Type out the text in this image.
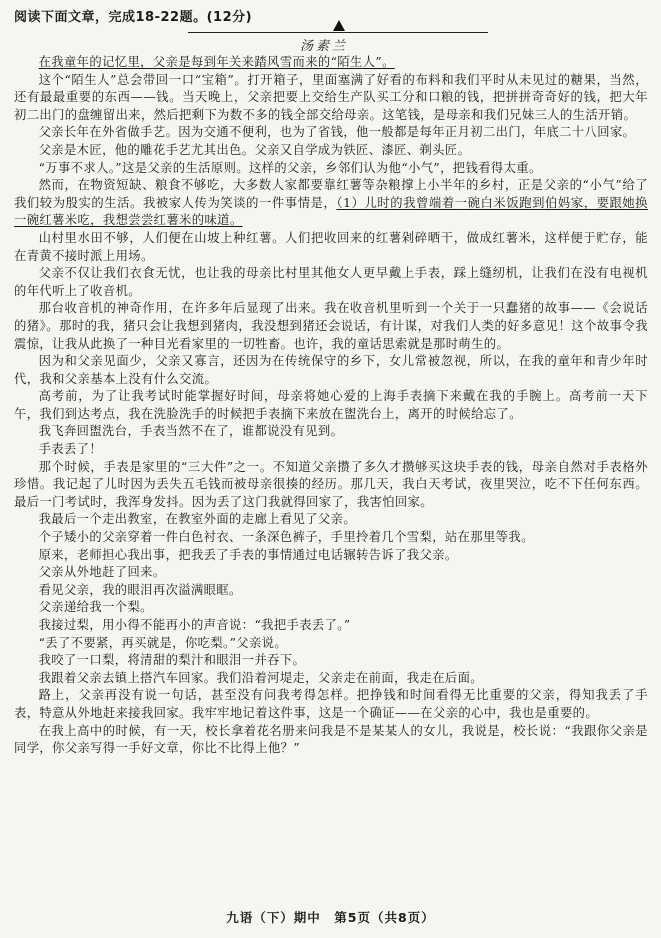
阅读下面文章，完成18-22题。(12分)
汤素兰

在我童年的记忆里，父亲是每到年关来踏风雪而来的“陌生人”。

这个“陌生人”总会带回一口“宝箱”。打开箱子，里面塞满了好看的布料和我们平时从未见过的糖果，当然，还有最最重要的东西——钱。当天晚上，父亲把要上交给生产队买工分和口粮的钱，把拼拼奇奇好的钱，把大年初二出门的盘缠留出来，然后把剩下为数不多的钱全部交给母亲。这笔钱，是母亲和我们兄妹三人的生活开销。

父亲长年在外省做手艺。因为交通不便利，也为了省钱，他一般都是每年正月初二出门，年底二十八回家。

父亲是木匠，他的雕花手艺尤其出色。父亲又自学成为铁匠、漆匠、剃头匠。

“万事不求人。”这是父亲的生活原则。这样的父亲，乡邻们认为他“小气”，把钱看得太重。

然而，在物资短缺、粮食不够吃，大多数人家都要靠红薯等杂粮撑上小半年的乡村，正是父亲的“小气”给了我们较为殷实的生活。我被家人传为笑谈的一件事情是，（1）儿时的我曾端着一碗白米饭跑到伯妈家，要跟她换一碗红薯米吃，我想尝尝红薯米的味道。

山村里水田不够，人们便在山坡上种红薯。人们把收回来的红薯剁碎晒干，做成红薯米，这样便于贮存，能在青黄不接时派上用场。

父亲不仅让我们衣食无忧，也让我的母亲比村里其他女人更早戴上手表，踩上缝纫机，让我们在没有电视机的年代听上了收音机。

那台收音机的神奇作用，在许多年后显现了出来。我在收音机里听到一个关于一只蠢猪的故事——《会说话的猪》。那时的我，猪只会让我想到猪肉，我没想到猪还会说话，有计谋，对我们人类的好多意见！这个故事令我震惊，让我从此换了一种目光看家里的一切牲畜。也许，我的童话思索就是那时萌生的。

因为和父亲见面少，父亲又寡言，还因为在传统保守的乡下，女儿常被忽视，所以，在我的童年和青少年时代，我和父亲基本上没有什么交流。

高考前，为了让我考试时能掌握好时间，母亲将她心爱的上海手表摘下来戴在我的手腕上。高考前一天下午，我们到达考点，我在洗脸洗手的时候把手表摘下来放在盥洗台上，离开的时候给忘了。

我飞奔回盥洗台，手表当然不在了，谁都说没有见到。

手表丢了！

那个时候，手表是家里的“三大件”之一。不知道父亲攒了多久才攒够买这块手表的钱，母亲自然对手表格外珍惜。我记起了儿时因为丢失五毛钱而被母亲很揍的经历。那几天，我白天考试，夜里哭泣，吃不下任何东西。最后一门考试时，我浑身发抖。因为丢了这门我就得回家了，我害怕回家。

我最后一个走出教室，在教室外面的走廊上看见了父亲。

个子矮小的父亲穿着一件白色衬衣、一条深色裤子，手里拎着几个雪梨，站在那里等我。

原来，老师担心我出事，把我丢了手表的事情通过电话辗转告诉了我父亲。

父亲从外地赶了回来。

看见父亲，我的眼泪再次溢满眼眶。

父亲递给我一个梨。

我接过梨，用小得不能再小的声音说：“我把手表丢了。”

“丢了不要紧，再买就是，你吃梨。”父亲说。

我咬了一口梨，将清甜的梨汁和眼泪一并吞下。

我跟着父亲去镇上搭汽车回家。我们沿着河堤走，父亲走在前面，我走在后面。

路上，父亲再没有说一句话，甚至没有问我考得怎样。把挣钱和时间看得无比重要的父亲，得知我丢了手表，特意从外地赶来接我回家。我牢牢地记着这件事，这是一个确证——在父亲的心中，我也是重要的。

在我上高中的时候，有一天，校长拿着花名册来问我是不是某某人的女儿，我说是，校长说：“我跟你父亲是同学，你父亲写得一手好文章，你比不比得上他？”

九语（下）期中　第5页（共8页）
